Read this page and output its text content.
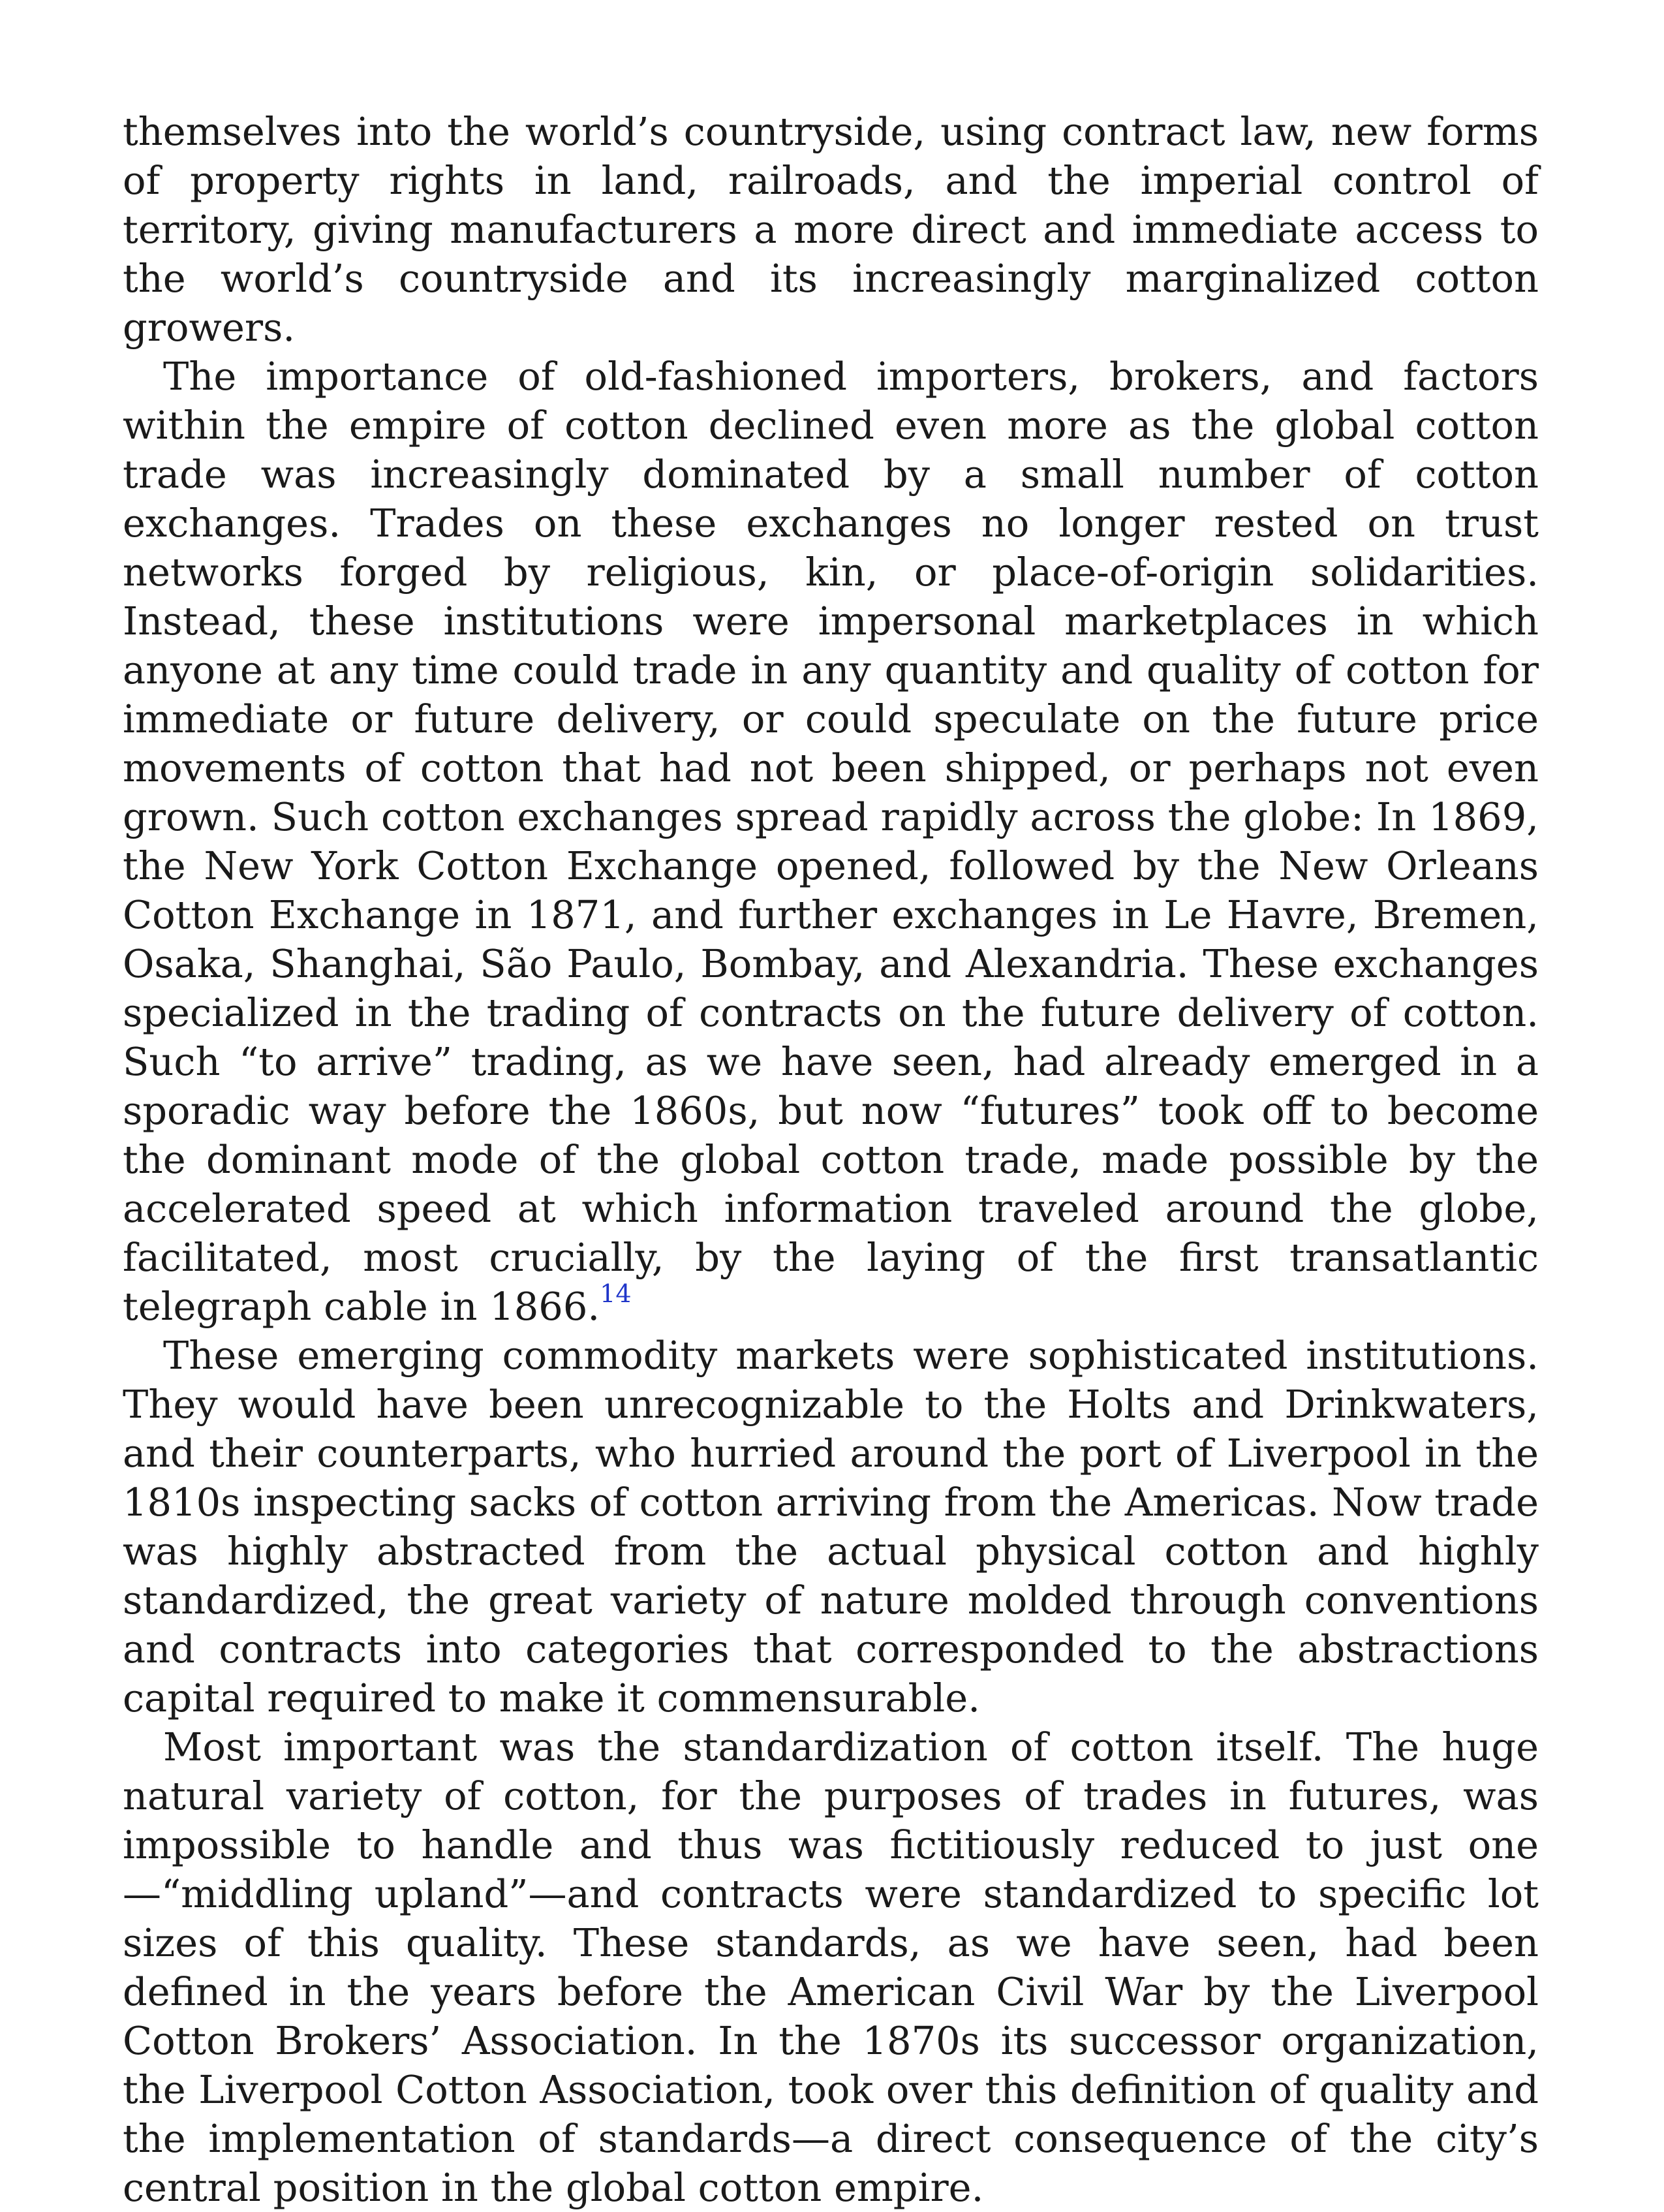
themselves into the world’s countryside, using contract law, new forms of property rights in land, railroads, and the imperial control of territory, giving manufacturers a more direct and immediate access to the world’s countryside and its increasingly marginalized cotton growers.

The importance of old-fashioned importers, brokers, and factors within the empire of cotton declined even more as the global cotton trade was increasingly dominated by a small number of cotton exchanges. Trades on these exchanges no longer rested on trust networks forged by religious, kin, or place-of-origin solidarities. Instead, these institutions were impersonal marketplaces in which anyone at any time could trade in any quantity and quality of cotton for immediate or future delivery, or could speculate on the future price movements of cotton that had not been shipped, or perhaps not even grown. Such cotton exchanges spread rapidly across the globe: In 1869, the New York Cotton Exchange opened, followed by the New Orleans Cotton Exchange in 1871, and further exchanges in Le Havre, Bremen, Osaka, Shanghai, São Paulo, Bombay, and Alexandria. These exchanges specialized in the trading of contracts on the future delivery of cotton. Such “to arrive” trading, as we have seen, had already emerged in a sporadic way before the 1860s, but now “futures” took off to become the dominant mode of the global cotton trade, made possible by the accelerated speed at which information traveled around the globe, facilitated, most crucially, by the laying of the first transatlantic telegraph cable in 1866.14

These emerging commodity markets were sophisticated institutions. They would have been unrecognizable to the Holts and Drinkwaters, and their counterparts, who hurried around the port of Liverpool in the 1810s inspecting sacks of cotton arriving from the Americas. Now trade was highly abstracted from the actual physical cotton and highly standardized, the great variety of nature molded through conventions and contracts into categories that corresponded to the abstractions capital required to make it commensurable.

Most important was the standardization of cotton itself. The huge natural variety of cotton, for the purposes of trades in futures, was impossible to handle and thus was fictitiously reduced to just one—“middling upland”—and contracts were standardized to specific lot sizes of this quality. These standards, as we have seen, had been defined in the years before the American Civil War by the Liverpool Cotton Brokers’ Association. In the 1870s its successor organization, the Liverpool Cotton Association, took over this definition of quality and the implementation of standards—a direct consequence of the city’s central position in the global cotton empire.
